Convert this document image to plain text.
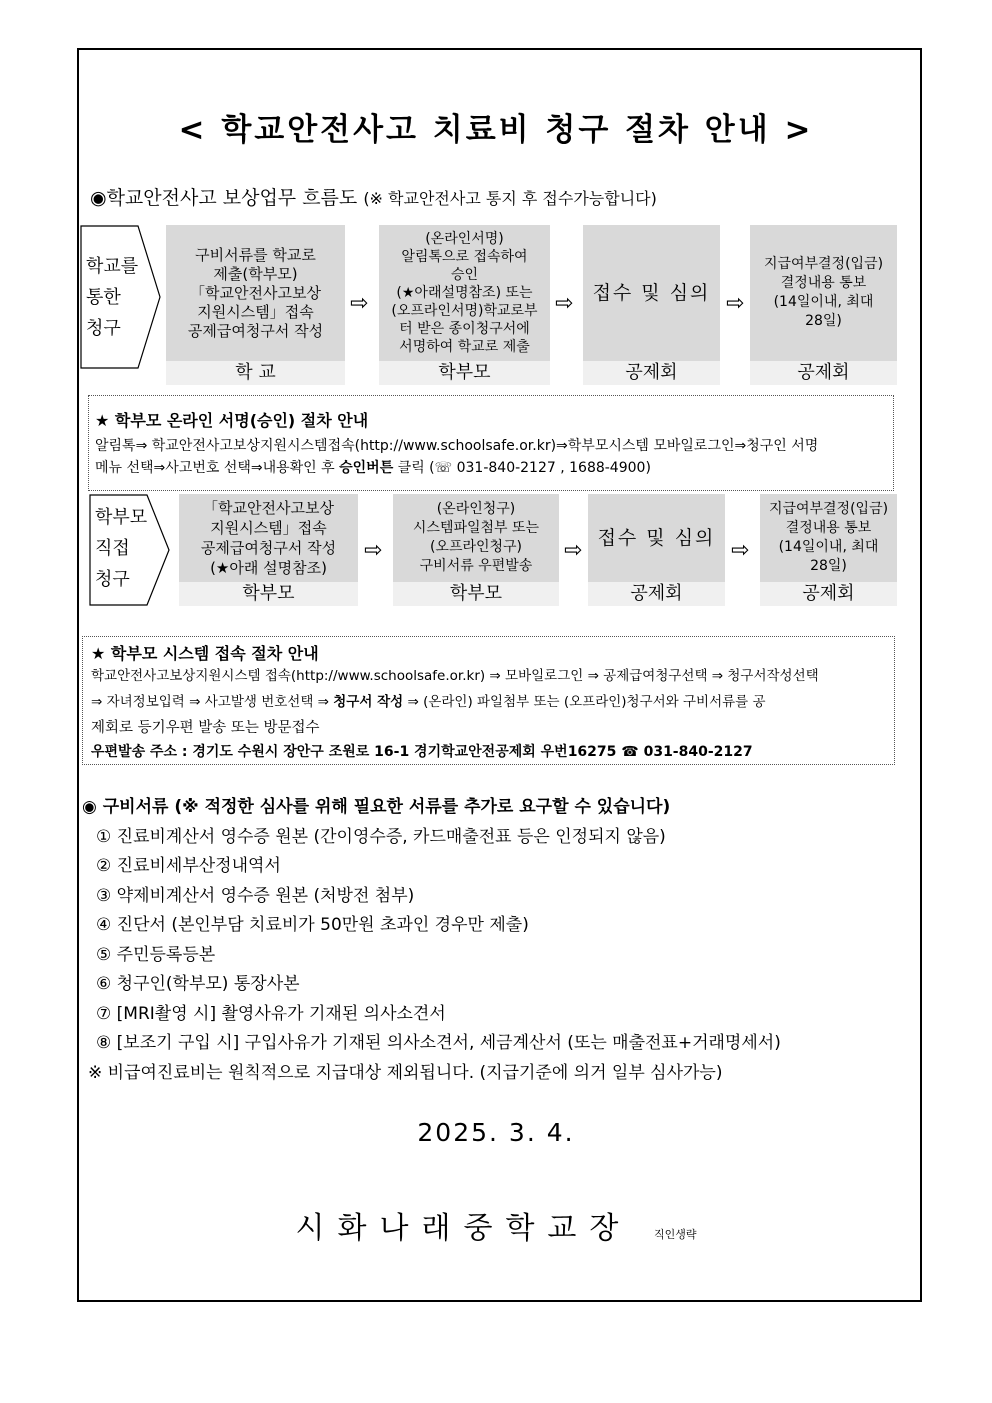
< 학교안전사고 치료비 청구 절차 안내 >
◉학교안전사고 보상업무 흐름도 (※ 학교안전사고 통지 후 접수가능합니다)
학교를
통한
청구
구비서류를 학교로
제출(학부모)
「학교안전사고보상
지원시스템」접속
공제급여청구서 작성
학 교
⇨
(온라인서명)
알림톡으로 접속하여
승인
(★아래설명참조) 또는
(오프라인서명)학교로부
터 받은 종이청구서에
서명하여 학교로 제출
학부모
⇨	접수 및 심의
공제회
⇨
지급여부결정(입금)
결정내용 통보
(14일이내, 최대
28일)
공제회
★ 학부모 온라인 서명(승인) 절차 안내
알림톡⇒ 학교안전사고보상지원시스템접속(http://www.schoolsafe.or.kr)⇒학부모시스템 모바일로그인⇒청구인 서명
메뉴 선택⇒사고번호 선택⇒내용확인 후 승인버튼 클릭 (☏ 031-840-2127 , 1688-4900)
학부모
직접
청구
「학교안전사고보상
지원시스템」접속
공제급여청구서 작성
(★아래 설명참조)
학부모
⇨
(온라인청구)
시스템파일첨부 또는
(오프라인청구)
구비서류 우편발송
학부모
⇨
접수 및 심의
공제회
⇨
지급여부결정(입금)
결정내용 통보
(14일이내, 최대
28일)
공제회
★ 학부모 시스템 접속 절차 안내
학교안전사고보상지원시스템 접속(http://www.schoolsafe.or.kr) ⇒ 모바일로그인 ⇒ 공제급여청구선택 ⇒ 청구서작성선택
⇒ 자녀정보입력 ⇒ 사고발생 번호선택 ⇒ 청구서 작성 ⇒ (온라인) 파일첨부 또는 (오프라인)청구서와 구비서류를 공
제회로 등기우편 발송 또는 방문접수
우편발송 주소 : 경기도 수원시 장안구 조원로 16-1 경기학교안전공제회 우번16275 ☎ 031-840-2127
◉ 구비서류 (※ 적정한 심사를 위해 필요한 서류를 추가로 요구할 수 있습니다)
① 진료비계산서 영수증 원본 (간이영수증, 카드매출전표 등은 인정되지 않음)
② 진료비세부산정내역서
③ 약제비계산서 영수증 원본 (처방전 첨부)
④ 진단서 (본인부담 치료비가 50만원 초과인 경우만 제출)
⑤ 주민등록등본
⑥ 청구인(학부모) 통장사본
⑦ [MRI촬영 시] 촬영사유가 기재된 의사소견서
⑧ [보조기 구입 시] 구입사유가 기재된 의사소견서, 세금계산서 (또는 매출전표+거래명세서)
※ 비급여진료비는 원칙적으로 지급대상 제외됩니다. (지급기준에 의거 일부 심사가능)
2025. 3. 4.
시화나래중학교장 직인생략
